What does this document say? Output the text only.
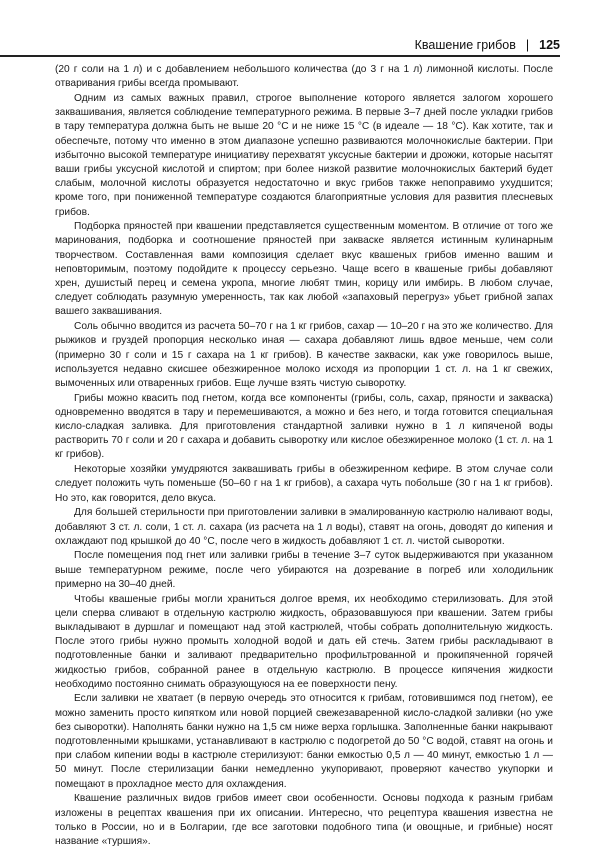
Квашение грибов | 125

(20 г соли на 1 л) и с добавлением небольшого количества (до 3 г на 1 л) лимонной кислоты. После отваривания грибы всегда промывают.

Одним из самых важных правил, строгое выполнение которого является залогом хорошего заквашивания, является соблюдение температурного режима. В первые 3–7 дней после укладки грибов в тару температура должна быть не выше 20 °С и не ниже 15 °С (в идеале — 18 °С). Как хотите, так и обеспечьте, потому что именно в этом диапазоне успешно развиваются молочнокислые бактерии. При избыточно высокой температуре инициативу перехватят уксусные бактерии и дрожжи, которые насытят ваши грибы уксусной кислотой и спиртом; при более низкой развитие молочнокислых бактерий будет слабым, молочной кислоты образуется недостаточно и вкус грибов также непоправимо ухудшится; кроме того, при пониженной температуре создаются благоприятные условия для развития плесневых грибов.

Подборка пряностей при квашении представляется существенным моментом. В отличие от того же маринования, подборка и соотношение пряностей при закваске является истинным кулинарным творчеством. Составленная вами композиция сделает вкус квашеных грибов именно вашим и неповторимым, поэтому подойдите к процессу серьезно. Чаще всего в квашеные грибы добавляют хрен, душистый перец и семена укропа, многие любят тмин, корицу или имбирь. В любом случае, следует соблюдать разумную умеренность, так как любой «запаховый перегруз» убьет грибной запах вашего заквашивания.

Соль обычно вводится из расчета 50–70 г на 1 кг грибов, сахар — 10–20 г на это же количество. Для рыжиков и груздей пропорция несколько иная — сахара добавляют лишь вдвое меньше, чем соли (примерно 30 г соли и 15 г сахара на 1 кг грибов). В качестве закваски, как уже говорилось выше, используется недавно скисшее обезжиренное молоко исходя из пропорции 1 ст. л. на 1 кг свежих, вымоченных или отваренных грибов. Еще лучше взять чистую сыворотку.

Грибы можно квасить под гнетом, когда все компоненты (грибы, соль, сахар, пряности и закваска) одновременно вводятся в тару и перемешиваются, а можно и без него, и тогда готовится специальная кисло-сладкая заливка. Для приготовления стандартной заливки нужно в 1 л кипяченой воды растворить 70 г соли и 20 г сахара и добавить сыворотку или кислое обезжиренное молоко (1 ст. л. на 1 кг грибов).

Некоторые хозяйки умудряются заквашивать грибы в обезжиренном кефире. В этом случае соли следует положить чуть поменьше (50–60 г на 1 кг грибов), а сахара чуть побольше (30 г на 1 кг грибов). Но это, как говорится, дело вкуса.

Для большей стерильности при приготовлении заливки в эмалированную кастрюлю наливают воды, добавляют 3 ст. л. соли, 1 ст. л. сахара (из расчета на 1 л воды), ставят на огонь, доводят до кипения и охлаждают под крышкой до 40 °С, после чего в жидкость добавляют 1 ст. л. чистой сыворотки.

После помещения под гнет или заливки грибы в течение 3–7 суток выдерживаются при указанном выше температурном режиме, после чего убираются на дозревание в погреб или холодильник примерно на 30–40 дней.

Чтобы квашеные грибы могли храниться долгое время, их необходимо стерилизовать. Для этой цели сперва сливают в отдельную кастрюлю жидкость, образовавшуюся при квашении. Затем грибы выкладывают в дуршлаг и помещают над этой кастрюлей, чтобы собрать дополнительную жидкость. После этого грибы нужно промыть холодной водой и дать ей стечь. Затем грибы раскладывают в подготовленные банки и заливают предварительно профильтрованной и прокипяченной горячей жидкостью грибов, собранной ранее в отдельную кастрюлю. В процессе кипячения жидкости необходимо постоянно снимать образующуюся на ее поверхности пену.

Если заливки не хватает (в первую очередь это относится к грибам, готовившимся под гнетом), ее можно заменить просто кипятком или новой порцией свежезаваренной кисло-сладкой заливки (но уже без сыворотки). Наполнять банки нужно на 1,5 см ниже верха горлышка. Заполненные банки накрывают подготовленными крышками, устанавливают в кастрюлю с подогретой до 50 °С водой, ставят на огонь и при слабом кипении воды в кастрюле стерилизуют: банки емкостью 0,5 л — 40 минут, емкостью 1 л — 50 минут. После стерилизации банки немедленно укупоривают, проверяют качество укупорки и помещают в прохладное место для охлаждения.

Квашение различных видов грибов имеет свои особенности. Основы подхода к разным грибам изложены в рецептах квашения при их описании. Интересно, что рецептура квашения известна не только в России, но и в Болгарии, где все заготовки подобного типа (и овощные, и грибные) носят название «туршия».
